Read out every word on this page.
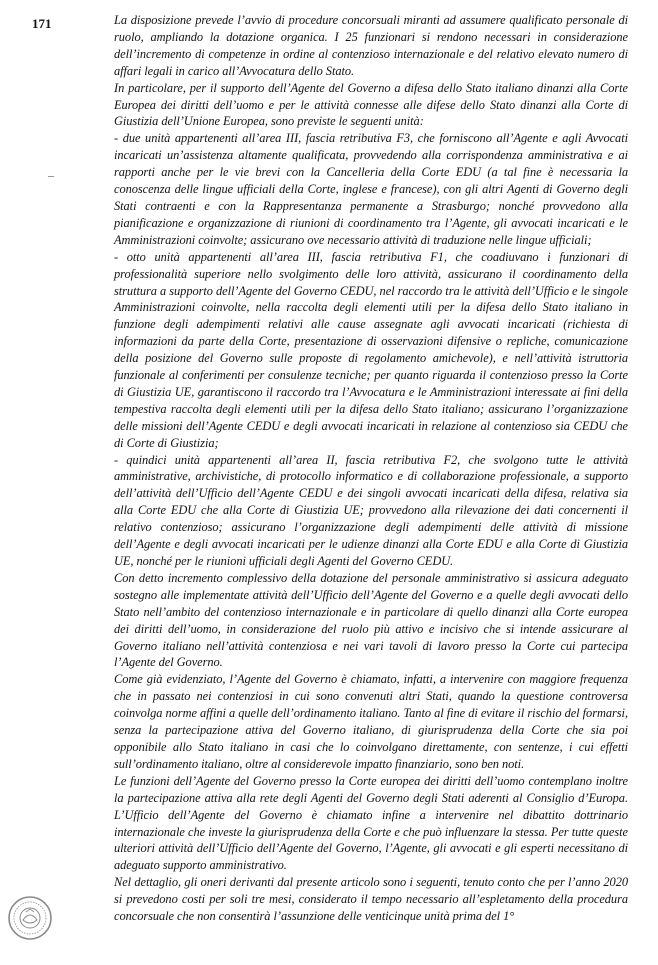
171	La disposizione prevede l’avvio di procedure concorsuali miranti ad assumere qualificato personale di ruolo, ampliando la dotazione organica. I 25 funzionari si rendono necessari in considerazione dell’incremento di competenze in ordine al contenzioso internazionale e del relativo elevato numero di affari legali in carico all’Avvocatura dello Stato.

In particolare, per il supporto dell’Agente del Governo a difesa dello Stato italiano dinanzi alla Corte Europea dei diritti dell’uomo e per le attività connesse alle difese dello Stato dinanzi alla Corte di Giustizia dell’Unione Europea, sono previste le seguenti unità:

- due unità appartenenti all’area III, fascia retributiva F3, che forniscono all’Agente e agli Avvocati incaricati un’assistenza altamente qualificata, provvedendo alla corrispondenza amministrativa e ai rapporti anche per le vie brevi con la Cancelleria della Corte EDU (a tal fine è necessaria la conoscenza delle lingue ufficiali della Corte, inglese e francese), con gli altri Agenti di Governo degli Stati contraenti e con la Rappresentanza permanente a Strasburgo; nonché provvedono alla pianificazione e organizzazione di riunioni di coordinamento tra l’Agente, gli avvocati incaricati e le Amministrazioni coinvolte; assicurano ove necessario attività di traduzione nelle lingue ufficiali;

- otto unità appartenenti all’area III, fascia retributiva F1, che coadiuvano i funzionari di professionalità superiore nello svolgimento delle loro attività, assicurano il coordinamento della struttura a supporto dell’Agente del Governo CEDU, nel raccordo tra le attività dell’Ufficio e le singole Amministrazioni coinvolte, nella raccolta degli elementi utili per la difesa dello Stato italiano in funzione degli adempimenti relativi alle cause assegnate agli avvocati incaricati (richiesta di informazioni da parte della Corte, presentazione di osservazioni difensive o repliche, comunicazione della posizione del Governo sulle proposte di regolamento amichevole), e nell’attività istruttoria funzionale al conferimenti per consulenze tecniche; per quanto riguarda il contenzioso presso la Corte di Giustizia UE, garantiscono il raccordo tra l’Avvocatura e le Amministrazioni interessate ai fini della tempestiva raccolta degli elementi utili per la difesa dello Stato italiano; assicurano l’organizzazione delle missioni dell’Agente CEDU e degli avvocati incaricati in relazione al contenzioso sia CEDU che di Corte di Giustizia;

- quindici unità appartenenti all’area II, fascia retributiva F2, che svolgono tutte le attività amministrative, archivistiche, di protocollo informatico e di collaborazione professionale, a supporto dell’attività dell’Ufficio dell’Agente CEDU e dei singoli avvocati incaricati della difesa, relativa sia alla Corte EDU che alla Corte di Giustizia UE; provvedono alla rilevazione dei dati concernenti il relativo contenzioso; assicurano l’organizzazione degli adempimenti delle attività di missione dell’Agente e degli avvocati incaricati per le udienze dinanzi alla Corte EDU e alla Corte di Giustizia UE, nonché per le riunioni ufficiali degli Agenti del Governo CEDU.

Con detto incremento complessivo della dotazione del personale amministrativo si assicura adeguato sostegno alle implementate attività dell’Ufficio dell’Agente del Governo e a quelle degli avvocati dello Stato nell’ambito del contenzioso internazionale e in particolare di quello dinanzi alla Corte europea dei diritti dell’uomo, in considerazione del ruolo più attivo e incisivo che si intende assicurare al Governo italiano nell’attività contenziosa e nei vari tavoli di lavoro presso la Corte cui partecipa l’Agente del Governo.

Come già evidenziato, l’Agente del Governo è chiamato, infatti, a intervenire con maggiore frequenza che in passato nei contenziosi in cui sono convenuti altri Stati, quando la questione controversa coinvolga norme affini a quelle dell’ordinamento italiano. Tanto al fine di evitare il rischio del formarsi, senza la partecipazione attiva del Governo italiano, di giurisprudenza della Corte che sia poi opponibile allo Stato italiano in casi che lo coinvolgano direttamente, con sentenze, i cui effetti sull’ordinamento italiano, oltre al considerevole impatto finanziario, sono ben noti.

Le funzioni dell’Agente del Governo presso la Corte europea dei diritti dell’uomo contemplano inoltre la partecipazione attiva alla rete degli Agenti del Governo degli Stati aderenti al Consiglio d’Europa. L’Ufficio dell’Agente del Governo è chiamato infine a intervenire nel dibattito dottrinario internazionale che investe la giurisprudenza della Corte e che può influenzare la stessa. Per tutte queste ulteriori attività dell’Ufficio dell’Agente del Governo, l’Agente, gli avvocati e gli esperti necessitano di adeguato supporto amministrativo.

Nel dettaglio, gli oneri derivanti dal presente articolo sono i seguenti, tenuto conto che per l’anno 2020 si prevedono costi per soli tre mesi, considerato il tempo necessario all’espletamento della procedura concorsuale che non consentirà l’assunzione delle venticinque unità prima del 1°
